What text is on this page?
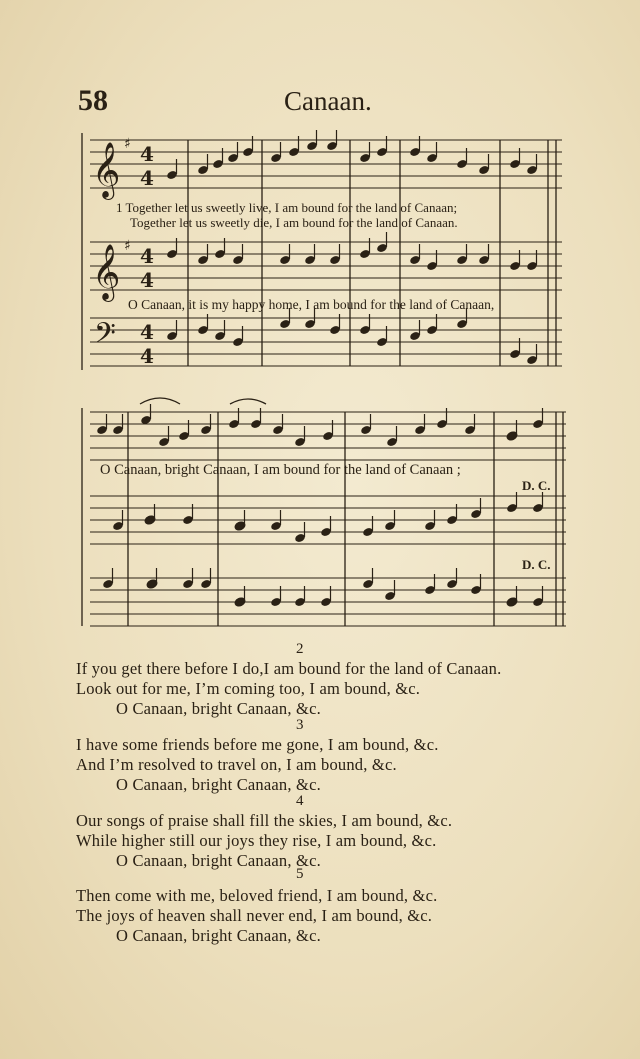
58	Canaan.
𝄞 4
4
♯
𝄞 4
4
♯
𝄢 4
4
1 Together let us sweetly live, I am bound for the land of Canaan;
Together let us sweetly die, I am bound for the land of Canaan.
O Canaan, it is my happy home, I am bound for the land of Canaan,
O Canaan, bright Canaan, I am bound for the land of Canaan ;
D. C.
D. C.
2
If you get there before I do,I am bound for the land of Canaan.
Look out for me, I’m coming too, I am bound, &c.
O Canaan, bright Canaan, &c.
3
I have some friends before me gone, I am bound, &c.
And I’m resolved to travel on, I am bound, &c.
O Canaan, bright Canaan, &c.
4
Our songs of praise shall fill the skies, I am bound, &c.
While higher still our joys they rise, I am bound, &c.
O Canaan, bright Canaan, &c.
5
Then come with me, beloved friend, I am bound, &c.
The joys of heaven shall never end, I am bound, &c.
O Canaan, bright Canaan, &c.
